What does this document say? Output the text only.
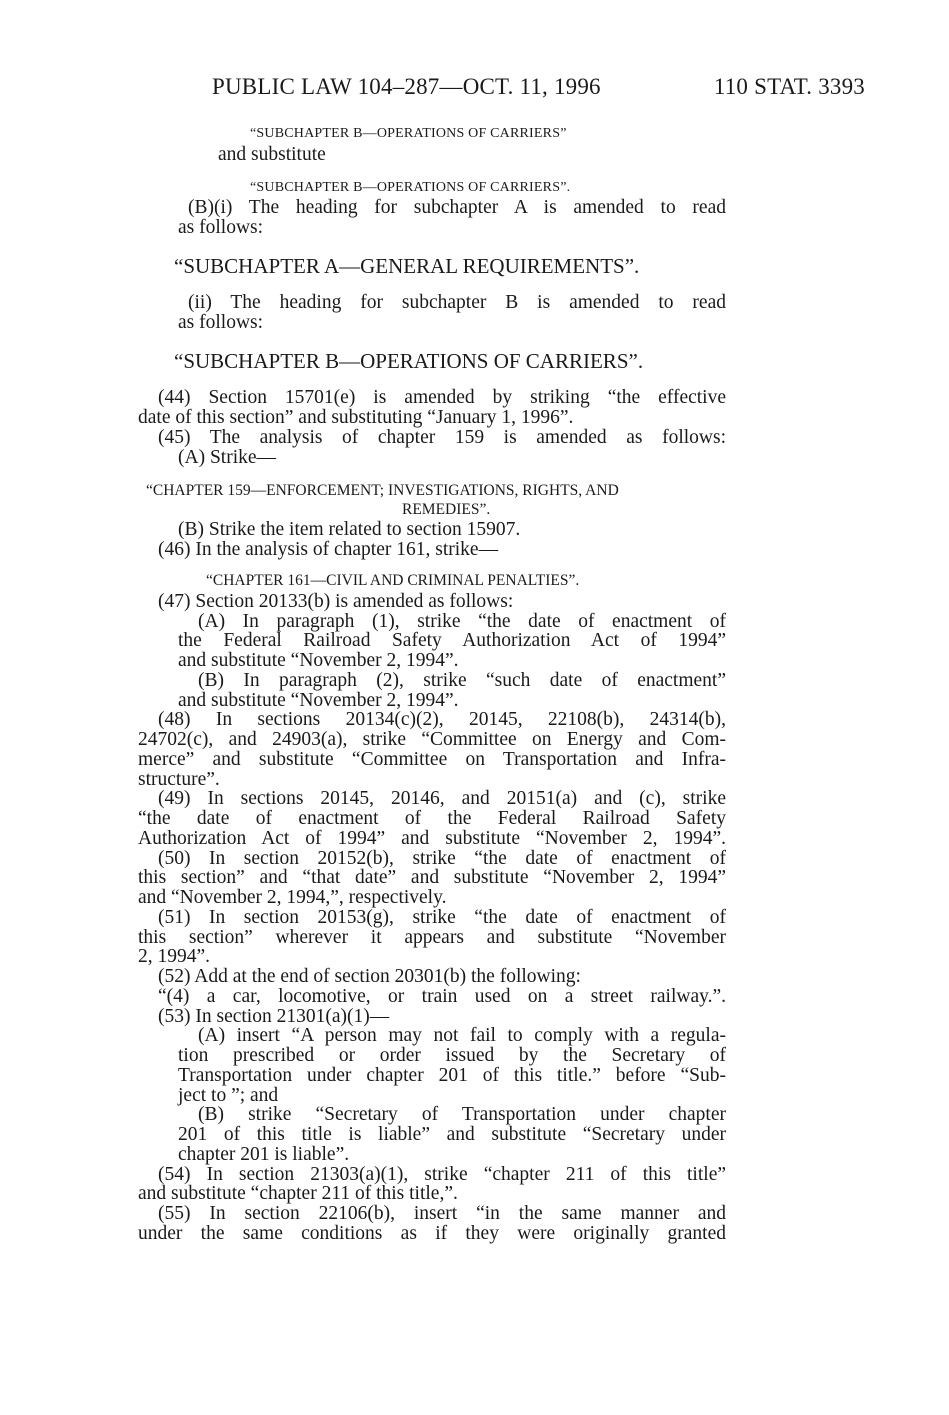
PUBLIC LAW 104–287—OCT. 11, 1996	110 STAT. 3393
“SUBCHAPTER B—OPERATIONS OF CARRIERS”
and substitute
“SUBCHAPTER B—OPERATIONS OF CARRIERS”.
(B)(i) The heading for subchapter A is amended to read
as follows:
“SUBCHAPTER A—GENERAL REQUIREMENTS”.
(ii) The heading for subchapter B is amended to read
as follows:
“SUBCHAPTER B—OPERATIONS OF CARRIERS”.
(44) Section 15701(e) is amended by striking “the effective
date of this section” and substituting “January 1, 1996”.
(45) The analysis of chapter 159 is amended as follows:
(A) Strike—
“CHAPTER 159—ENFORCEMENT; INVESTIGATIONS, RIGHTS, AND
REMEDIES”.
(B) Strike the item related to section 15907.
(46) In the analysis of chapter 161, strike—
“CHAPTER 161—CIVIL AND CRIMINAL PENALTIES”.
(47) Section 20133(b) is amended as follows:
(A) In paragraph (1), strike “the date of enactment of
the Federal Railroad Safety Authorization Act of 1994”
and substitute “November 2, 1994”.
(B) In paragraph (2), strike “such date of enactment”
and substitute “November 2, 1994”.
(48) In sections 20134(c)(2), 20145, 22108(b), 24314(b),
24702(c), and 24903(a), strike “Committee on Energy and Com-
merce” and substitute “Committee on Transportation and Infra-
structure”.
(49) In sections 20145, 20146, and 20151(a) and (c), strike
“the date of enactment of the Federal Railroad Safety
Authorization Act of 1994” and substitute “November 2, 1994”.
(50) In section 20152(b), strike “the date of enactment of
this section” and “that date” and substitute “November 2, 1994”
and “November 2, 1994,”, respectively.
(51) In section 20153(g), strike “the date of enactment of
this section” wherever it appears and substitute “November
2, 1994”.
(52) Add at the end of section 20301(b) the following:
“(4) a car, locomotive, or train used on a street railway.”.
(53) In section 21301(a)(1)—
(A) insert “A person may not fail to comply with a regula-
tion prescribed or order issued by the Secretary of
Transportation under chapter 201 of this title.” before “Sub-
ject to ”; and
(B) strike “Secretary of Transportation under chapter
201 of this title is liable” and substitute “Secretary under
chapter 201 is liable”.
(54) In section 21303(a)(1), strike “chapter 211 of this title”
and substitute “chapter 211 of this title,”.
(55) In section 22106(b), insert “in the same manner and
under the same conditions as if they were originally granted
